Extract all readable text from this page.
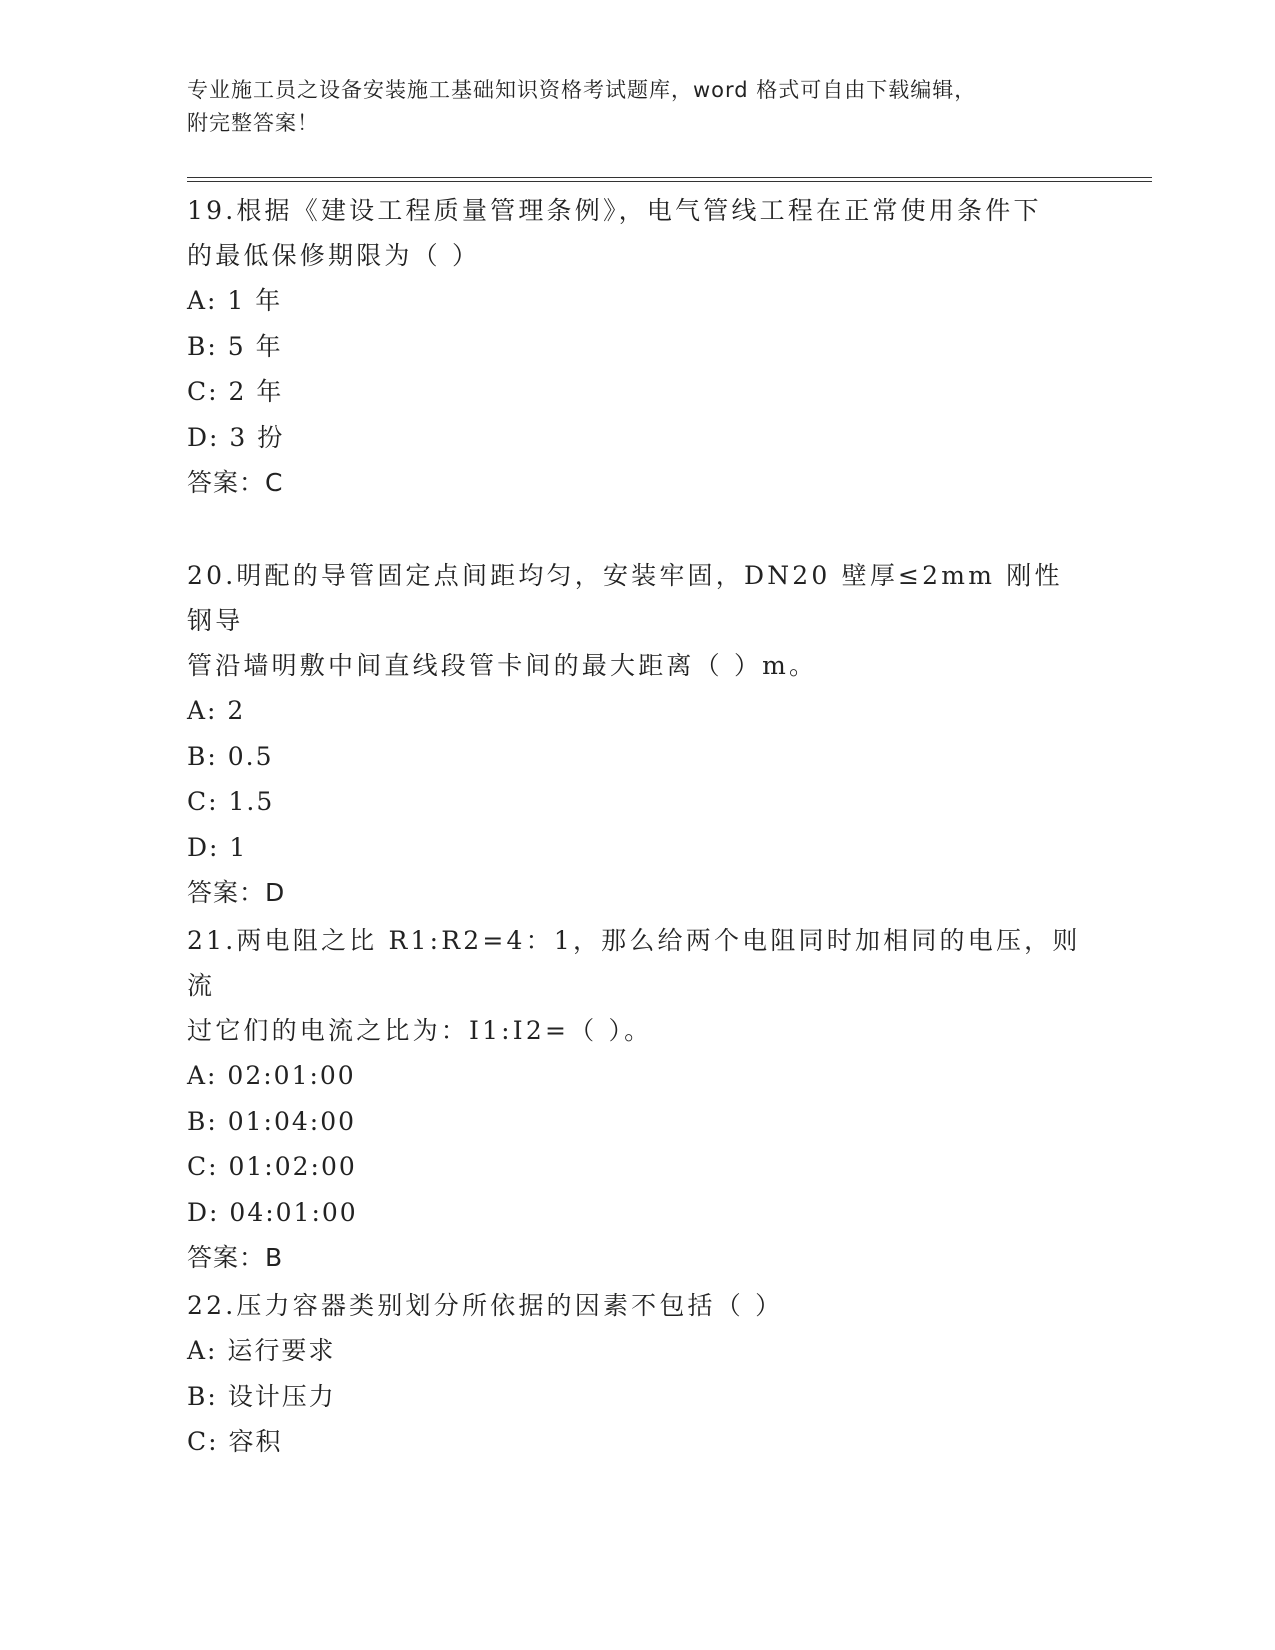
专业施工员之设备安装施工基础知识资格考试题库，word 格式可自由下载编辑，
附完整答案！
19.根据《建设工程质量管理条例》，电气管线工程在正常使用条件下
的最低保修期限为（ ）
A: 1 年
B: 5 年
C: 2 年
D: 3 扮
答案：C
20.明配的导管固定点间距均匀，安装牢固，DN20 壁厚≤2mm 刚性钢导
管沿墙明敷中间直线段管卡间的最大距离（ ）m。
A: 2
B: 0.5
C: 1.5
D: 1
答案：D
21.两电阻之比 R1:R2=4：1，那么给两个电阻同时加相同的电压，则流
过它们的电流之比为：I1:I2=（ ）。
A: 02:01:00
B: 01:04:00
C: 01:02:00
D: 04:01:00
答案：B
22.压力容器类别划分所依据的因素不包括（ ）
A: 运行要求
B: 设计压力
C: 容积
